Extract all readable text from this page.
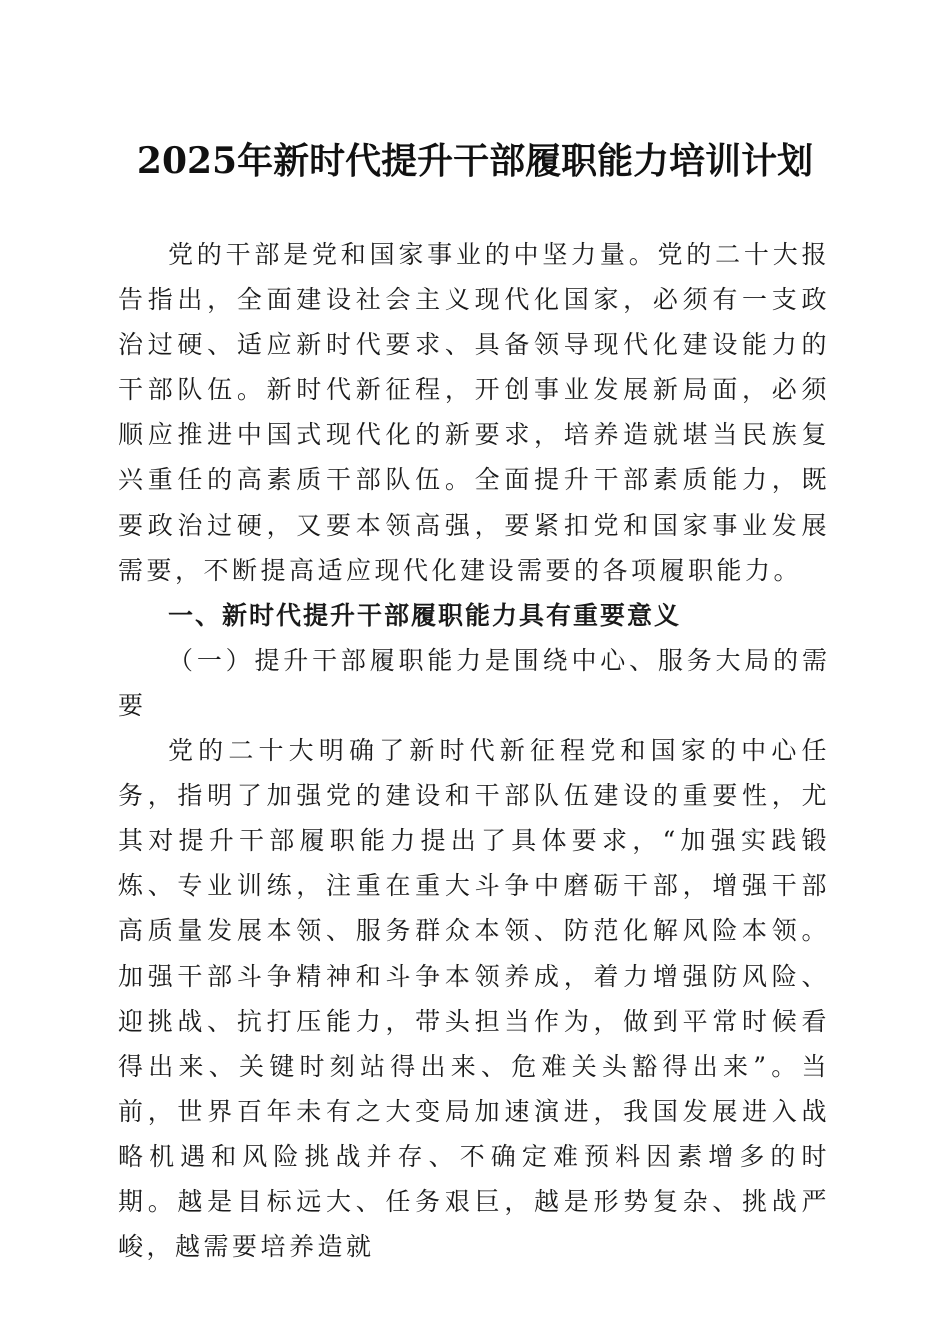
2025年新时代提升干部履职能力培训计划

党的干部是党和国家事业的中坚力量。党的二十大报告指出，全面建设社会主义现代化国家，必须有一支政治过硬、适应新时代要求、具备领导现代化建设能力的干部队伍。新时代新征程，开创事业发展新局面，必须顺应推进中国式现代化的新要求，培养造就堪当民族复兴重任的高素质干部队伍。全面提升干部素质能力，既要政治过硬，又要本领高强，要紧扣党和国家事业发展需要，不断提高适应现代化建设需要的各项履职能力。

一、新时代提升干部履职能力具有重要意义

（一）提升干部履职能力是围绕中心、服务大局的需要

党的二十大明确了新时代新征程党和国家的中心任务，指明了加强党的建设和干部队伍建设的重要性，尤其对提升干部履职能力提出了具体要求，“加强实践锻炼、专业训练，注重在重大斗争中磨砺干部，增强干部高质量发展本领、服务群众本领、防范化解风险本领。加强干部斗争精神和斗争本领养成，着力增强防风险、迎挑战、抗打压能力，带头担当作为，做到平常时候看得出来、关键时刻站得出来、危难关头豁得出来”。当前，世界百年未有之大变局加速演进，我国发展进入战略机遇和风险挑战并存、不确定难预料因素增多的时期。越是目标远大、任务艰巨，越是形势复杂、挑战严峻，越需要培养造就
